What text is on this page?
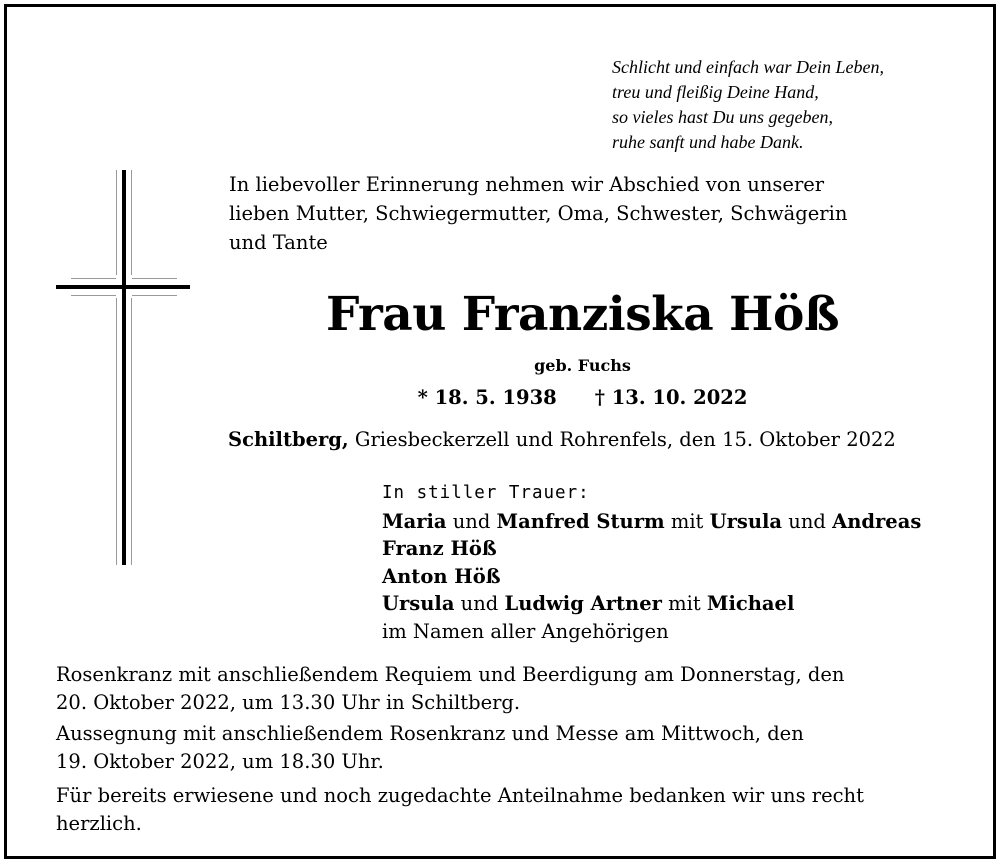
Schlicht und einfach war Dein Leben,
treu und fleißig Deine Hand,
so vieles hast Du uns gegeben,
ruhe sanft und habe Dank.
In liebevoller Erinnerung nehmen wir Abschied von unserer
lieben Mutter, Schwiegermutter, Oma, Schwester, Schwägerin
und Tante
Frau Franziska Höß
geb. Fuchs
* 18. 5. 1938 † 13. 10. 2022
Schiltberg, Griesbeckerzell und Rohrenfels, den 15. Oktober 2022
In stiller Trauer:
Maria und Manfred Sturm mit Ursula und Andreas
Franz Höß
Anton Höß
Ursula und Ludwig Artner mit Michael
im Namen aller Angehörigen
Rosenkranz mit anschließendem Requiem und Beerdigung am Donnerstag, den
20. Oktober 2022, um 13.30 Uhr in Schiltberg.
Aussegnung mit anschließendem Rosenkranz und Messe am Mittwoch, den
19. Oktober 2022, um 18.30 Uhr.
Für bereits erwiesene und noch zugedachte Anteilnahme bedanken wir uns recht
herzlich.
